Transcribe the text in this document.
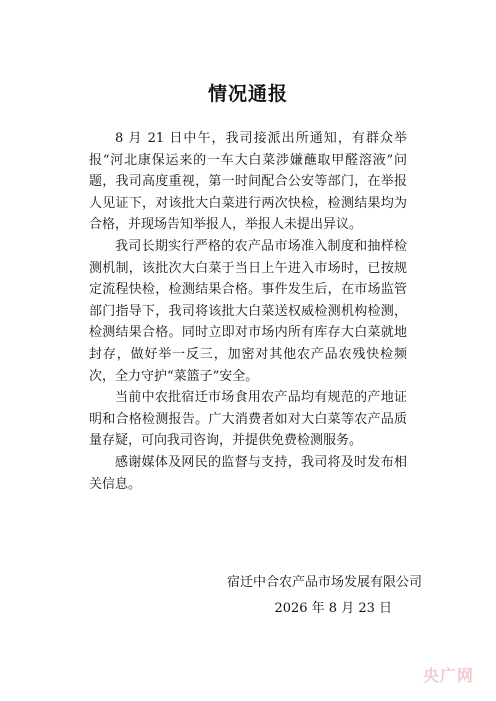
情况通报

8 月 21 日中午，我司接派出所通知，有群众举报“河北康保运来的一车大白菜涉嫌蘸取甲醛溶液”问题，我司高度重视，第一时间配合公安等部门，在举报人见证下，对该批大白菜进行两次快检，检测结果均为合格，并现场告知举报人，举报人未提出异议。

我司长期实行严格的农产品市场准入制度和抽样检测机制，该批次大白菜于当日上午进入市场时，已按规定流程快检，检测结果合格。事件发生后，在市场监管部门指导下，我司将该批大白菜送权威检测机构检测，检测结果合格。同时立即对市场内所有库存大白菜就地封存，做好举一反三，加密对其他农产品农残快检频次，全力守护“菜篮子”安全。

当前中农批宿迁市场食用农产品均有规范的产地证明和合格检测报告。广大消费者如对大白菜等农产品质量存疑，可向我司咨询，并提供免费检测服务。

感谢媒体及网民的监督与支持，我司将及时发布相关信息。

宿迁中合农产品市场发展有限公司
2026 年 8 月 23 日
央广网
